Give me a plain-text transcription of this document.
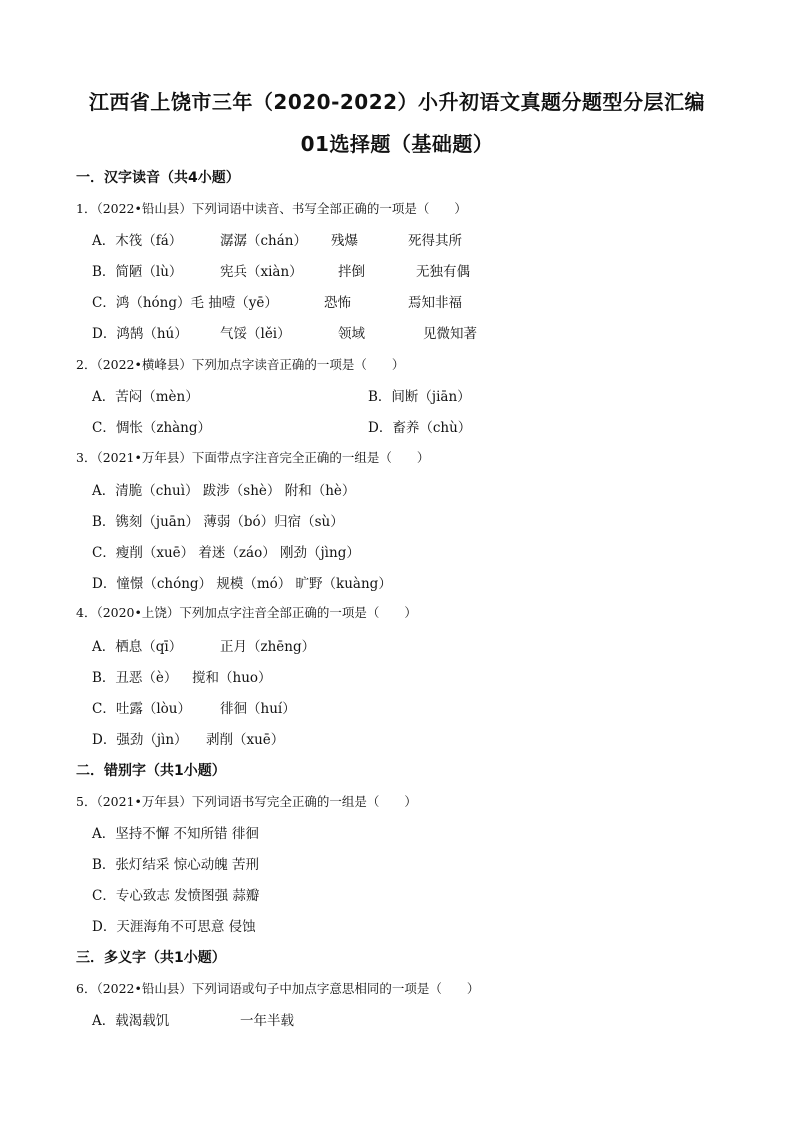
江西省上饶市三年（2020-2022）小升初语文真题分题型分层汇编
01选择题（基础题）
一．汉字读音（共4小题）
1．（2022•铅山县）下列词语中读音、书写全部正确的一项是（　　）
A．木筏（fá）	潺潺（chán） 残爆	死得其所
B．简陋（lù）	宪兵（xiàn）	拌倒	无独有偶
C．鸿（hóng）毛 抽噎（yē）	恐怖	焉知非福
D．鸿鹄（hú） 气馁（lěi）	领域	见微知著
2．（2022•横峰县）下列加点字读音正确的一项是（　　）
A．苦闷（mèn）	B．间断（jiān）
C．惆怅（zhàng）	D．畜养（chù）
3．（2021•万年县）下面带点字注音完全正确的一组是（　　）
A．清脆（chuì） 跋涉（shè） 附和（hè）
B．镌刻（juān） 薄弱（bó）归宿（sù）
C．瘦削（xuē） 着迷（záo） 刚劲（jìng）
D．憧憬（chóng） 规模（mó） 旷野（kuàng）
4．（2020•上饶）下列加点字注音全部正确的一项是（　　）
A．栖息（qī）	正月（zhēng）
B．丑恶（è） 搅和（huo）
C．吐露（lòu） 徘徊（huí）
D．强劲（jìn） 剥削（xuē）
二．错别字（共1小题）
5．（2021•万年县）下列词语书写完全正确的一组是（　　）
A．坚持不懈 不知所错 徘徊
B．张灯结采 惊心动魄 苦刑
C．专心致志 发愤图强 蒜瓣
D．天涯海角不可思意 侵蚀
三．多义字（共1小题）
6．（2022•铅山县）下列词语或句子中加点字意思相同的一项是（　　）
A．载渴载饥	一年半载
